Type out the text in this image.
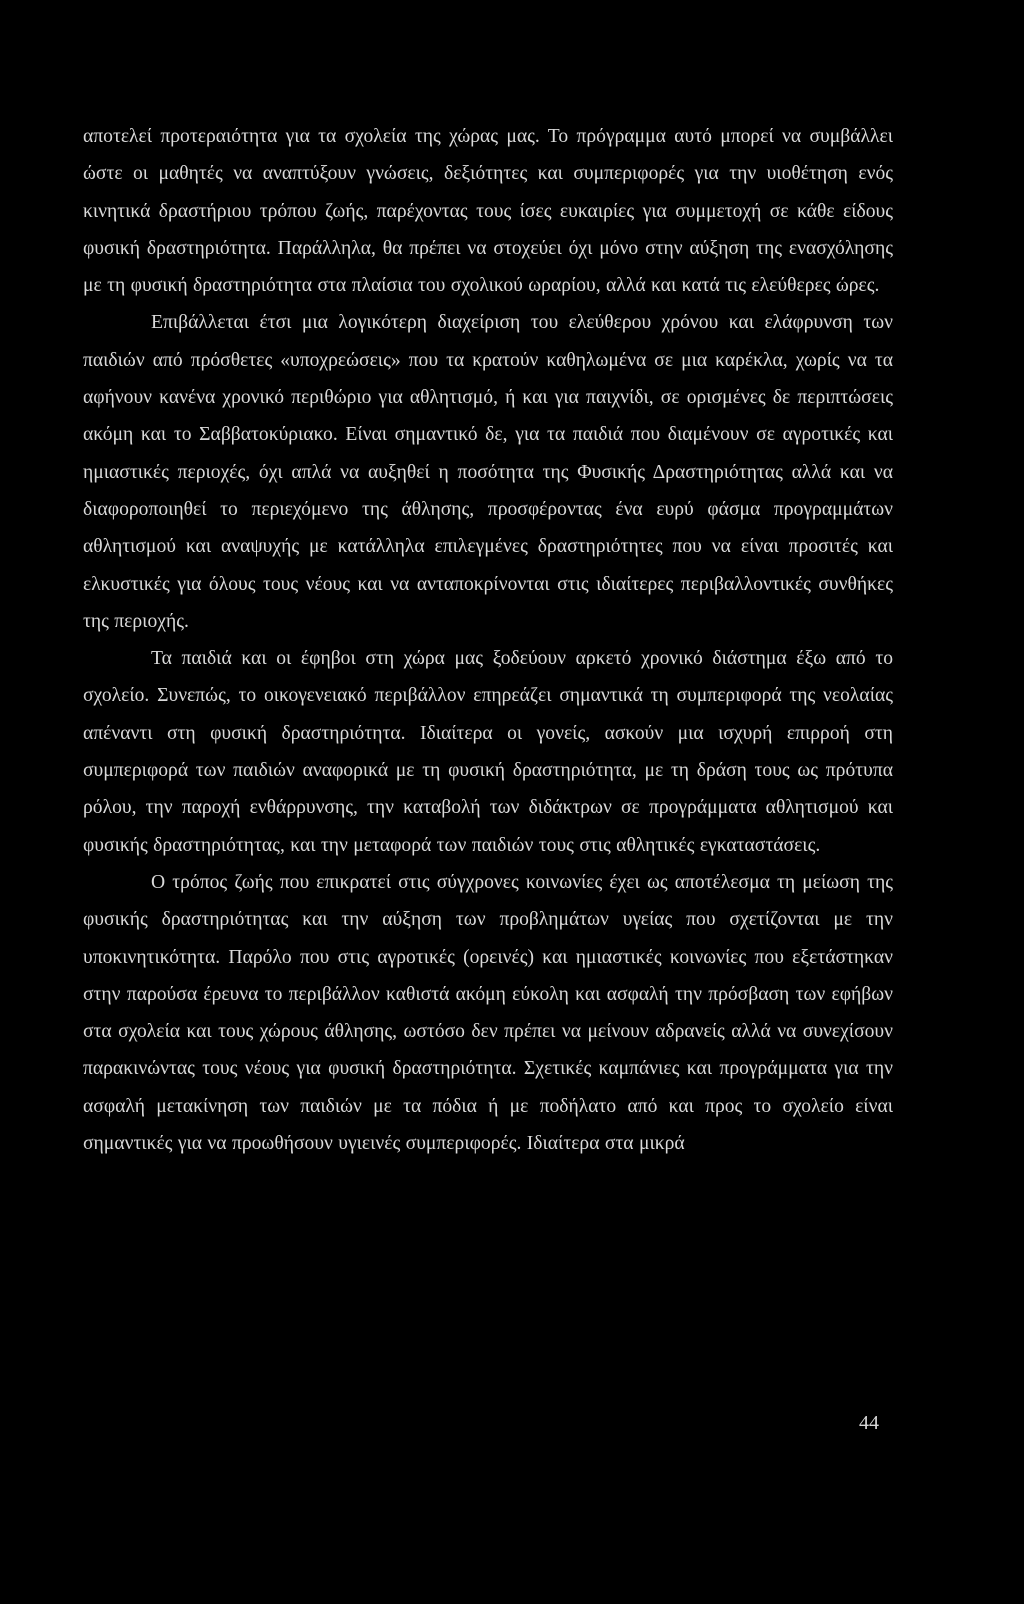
αποτελεί προτεραιότητα για τα σχολεία της χώρας μας. Το πρόγραμμα αυτό μπορεί να συμβάλλει ώστε οι μαθητές να αναπτύξουν γνώσεις, δεξιότητες και συμπεριφορές για την υιοθέτηση ενός κινητικά δραστήριου τρόπου ζωής, παρέχοντας τους ίσες ευκαιρίες για συμμετοχή σε κάθε είδους φυσική δραστηριότητα. Παράλληλα, θα πρέπει να στοχεύει όχι μόνο στην αύξηση της ενασχόλησης με τη φυσική δραστηριότητα στα πλαίσια του σχολικού ωραρίου, αλλά και κατά τις ελεύθερες ώρες.

Επιβάλλεται έτσι μια λογικότερη διαχείριση του ελεύθερου χρόνου και ελάφρυνση των παιδιών από πρόσθετες «υποχρεώσεις» που τα κρατούν καθηλωμένα σε μια καρέκλα, χωρίς να τα αφήνουν κανένα χρονικό περιθώριο για αθλητισμό, ή και για παιχνίδι, σε ορισμένες δε περιπτώσεις ακόμη και το Σαββατοκύριακο. Είναι σημαντικό δε, για τα παιδιά που διαμένουν σε αγροτικές και ημιαστικές περιοχές, όχι απλά να αυξηθεί η ποσότητα της Φυσικής Δραστηριότητας αλλά και να διαφοροποιηθεί το περιεχόμενο της άθλησης, προσφέροντας ένα ευρύ φάσμα προγραμμάτων αθλητισμού και αναψυχής με κατάλληλα επιλεγμένες δραστηριότητες που να είναι προσιτές και ελκυστικές για όλους τους νέους και να ανταποκρίνονται στις ιδιαίτερες περιβαλλοντικές συνθήκες της περιοχής.

Τα παιδιά και οι έφηβοι στη χώρα μας ξοδεύουν αρκετό χρονικό διάστημα έξω από το σχολείο. Συνεπώς, το οικογενειακό περιβάλλον επηρεάζει σημαντικά τη συμπεριφορά της νεολαίας απέναντι στη φυσική δραστηριότητα. Ιδιαίτερα οι γονείς, ασκούν μια ισχυρή επιρροή στη συμπεριφορά των παιδιών αναφορικά με τη φυσική δραστηριότητα, με τη δράση τους ως πρότυπα ρόλου, την παροχή ενθάρρυνσης, την καταβολή των διδάκτρων σε προγράμματα αθλητισμού και φυσικής δραστηριότητας, και την μεταφορά των παιδιών τους στις αθλητικές εγκαταστάσεις.

Ο τρόπος ζωής που επικρατεί στις σύγχρονες κοινωνίες έχει ως αποτέλεσμα τη μείωση της φυσικής δραστηριότητας και την αύξηση των προβλημάτων υγείας που σχετίζονται με την υποκινητικότητα. Παρόλο που στις αγροτικές (ορεινές) και ημιαστικές κοινωνίες που εξετάστηκαν στην παρούσα έρευνα το περιβάλλον καθιστά ακόμη εύκολη και ασφαλή την πρόσβαση των εφήβων στα σχολεία και τους χώρους άθλησης, ωστόσο δεν πρέπει να μείνουν αδρανείς αλλά να συνεχίσουν παρακινώντας τους νέους για φυσική δραστηριότητα. Σχετικές καμπάνιες και προγράμματα για την ασφαλή μετακίνηση των παιδιών με τα πόδια ή με ποδήλατο από και προς το σχολείο είναι σημαντικές για να προωθήσουν υγιεινές συμπεριφορές. Ιδιαίτερα στα μικρά

44
